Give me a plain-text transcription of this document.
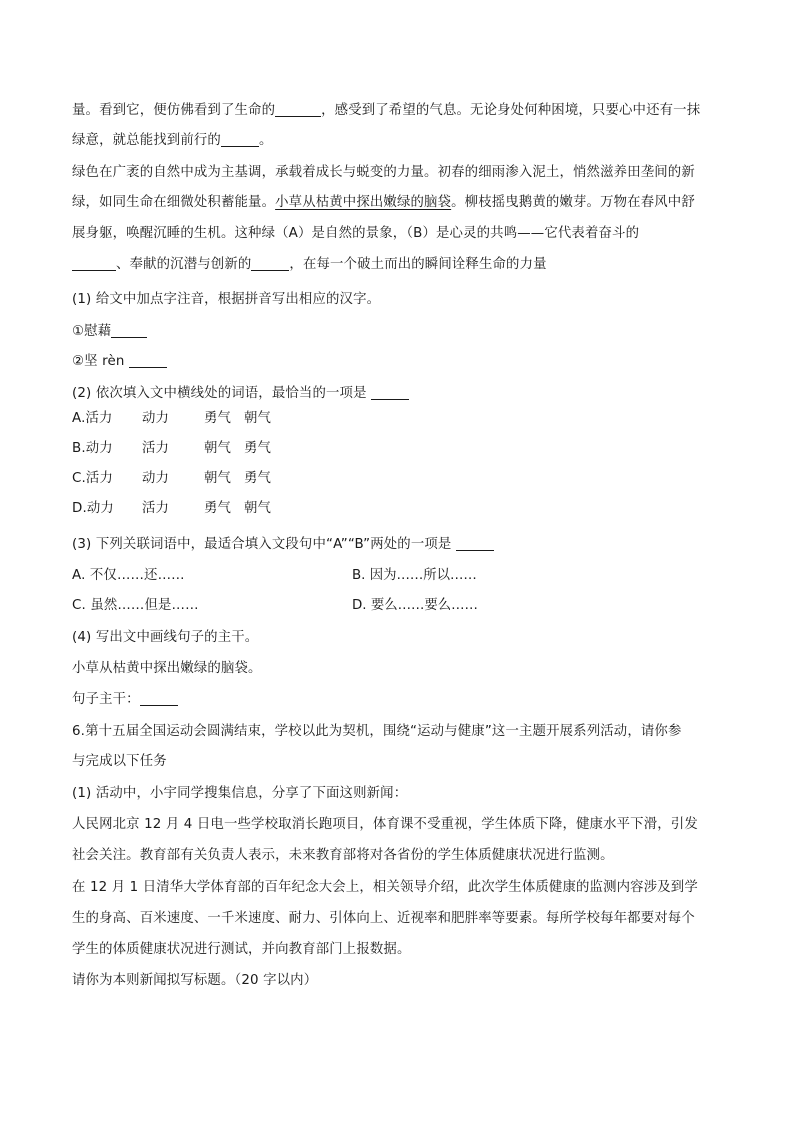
量。看到它，便仿佛看到了生命的	，感受到了希望的气息。无论身处何种困境，只要心中还有一抹

绿意，就总能找到前行的	。

绿色在广袤的自然中成为主基调，承载着成长与蜕变的力量。初春的细雨渗入泥土，悄然滋养田垄间的新

绿，如同生命在细微处积蓄能量。小草从枯黄中探出嫩绿的脑袋。柳枝摇曳鹅黄的嫩芽。万物在春风中舒

展身躯，唤醒沉睡的生机。这种绿（A）是自然的景象，（B）是心灵的共鸣——它代表着奋斗的

、奉献的沉潜与创新的	，在每一个破土而出的瞬间诠释生命的力量

(1) 给文中加点字注音，根据拼音写出相应的汉字。

①慰藉

②坚 rèn

(2) 依次填入文中横线处的词语，最恰当的一项是

A.活力 动力	勇气 朝气

B.动力 活力	朝气 勇气

C.活力 动力	朝气 勇气

D.动力 活力	勇气 朝气

(3) 下列关联词语中，最适合填入文段句中“A”“B”两处的一项是

A. 不仅……还……	B. 因为……所以……

C. 虽然……但是……	D. 要么……要么……

(4) 写出文中画线句子的主干。

小草从枯黄中探出嫩绿的脑袋。

句子主干：

6.第十五届全国运动会圆满结束，学校以此为契机，围绕“运动与健康”这一主题开展系列活动，请你参

与完成以下任务

(1) 活动中，小宇同学搜集信息，分享了下面这则新闻：

人民网北京 12 月 4 日电一些学校取消长跑项目，体育课不受重视，学生体质下降，健康水平下滑，引发

社会关注。教育部有关负责人表示，未来教育部将对各省份的学生体质健康状况进行监测。

在 12 月 1 日清华大学体育部的百年纪念大会上，相关领导介绍，此次学生体质健康的监测内容涉及到学

生的身高、百米速度、一千米速度、耐力、引体向上、近视率和肥胖率等要素。每所学校每年都要对每个

学生的体质健康状况进行测试，并向教育部门上报数据。

请你为本则新闻拟写标题。（20 字以内）
